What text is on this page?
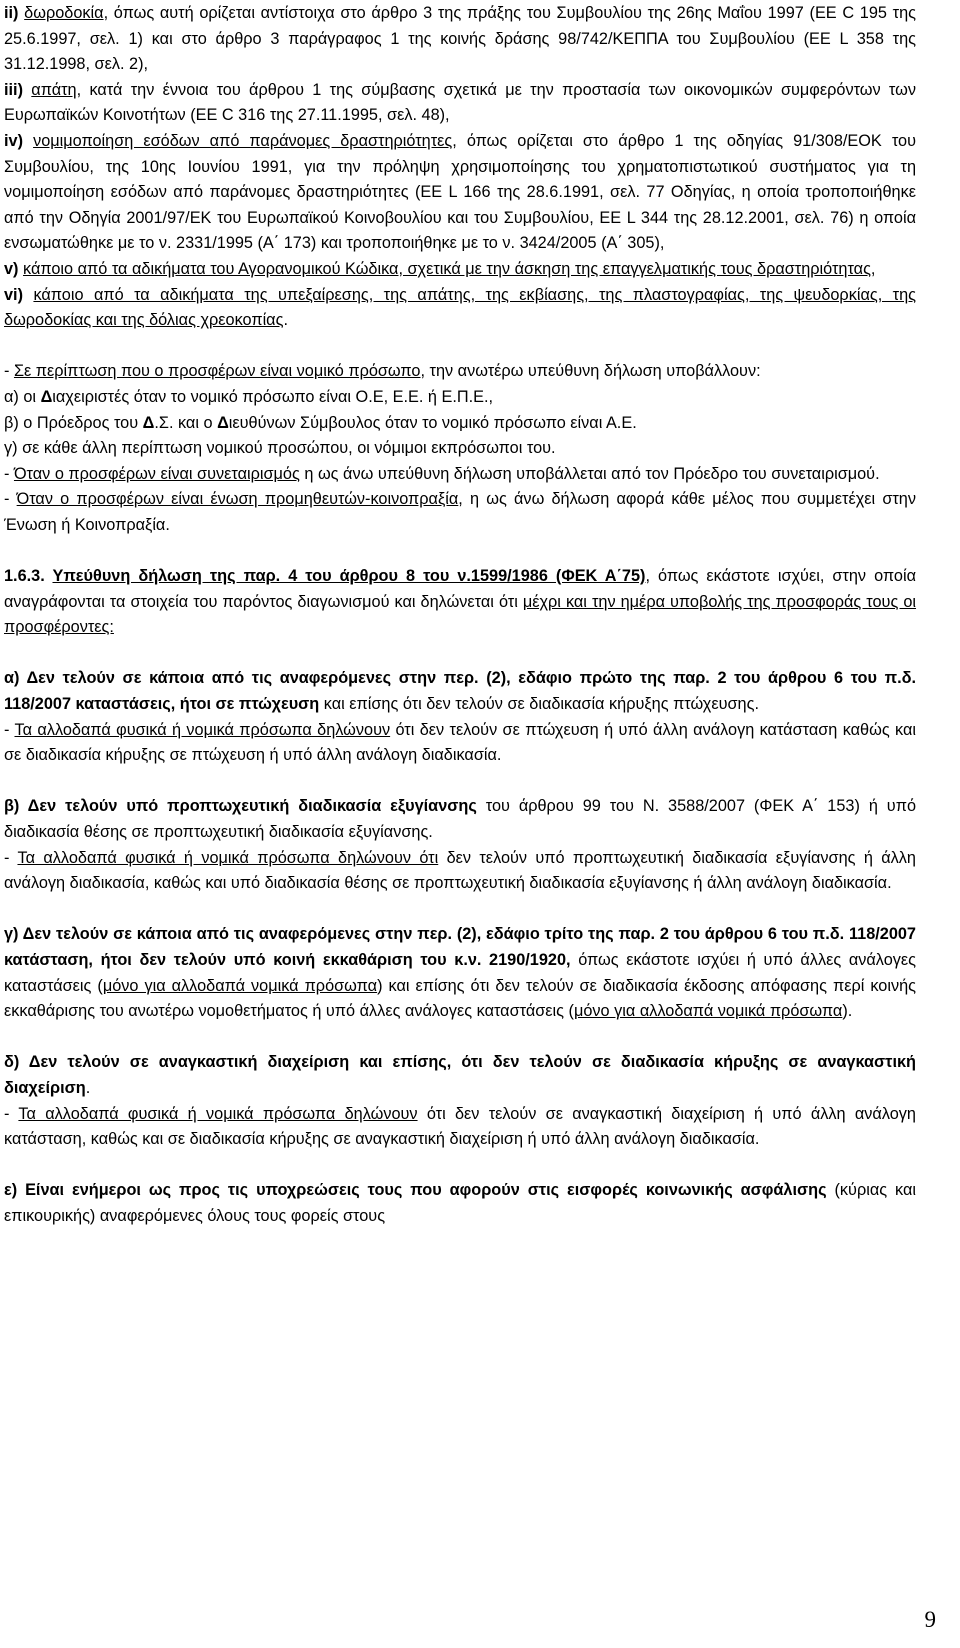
ii) δωροδοκία, όπως αυτή ορίζεται αντίστοιχα στο άρθρο 3 της πράξης του Συμβουλίου της 26ης Μαΐου 1997 (ΕΕ C 195 της 25.6.1997, σελ. 1) και στο άρθρο 3 παράγραφος 1 της κοινής δράσης 98/742/ΚΕΠΠΑ του Συμβουλίου (ΕΕ L 358 της 31.12.1998, σελ. 2),

iii) απάτη, κατά την έννοια του άρθρου 1 της σύμβασης σχετικά με την προστασία των οικονομικών συμφερόντων των Ευρωπαϊκών Κοινοτήτων (ΕΕ C 316 της 27.11.1995, σελ. 48),

iv) νομιμοποίηση εσόδων από παράνομες δραστηριότητες, όπως ορίζεται στο άρθρο 1 της οδηγίας 91/308/ΕΟΚ του Συμβουλίου, της 10ης Ιουνίου 1991, για την πρόληψη χρησιμοποίησης του χρηματοπιστωτικού συστήματος για τη νομιμοποίηση εσόδων από παράνομες δραστηριότητες (ΕΕ L 166 της 28.6.1991, σελ. 77 Οδηγίας, η οποία τροποποιήθηκε από την Οδηγία 2001/97/ΕΚ του Ευρωπαϊκού Κοινοβουλίου και του Συμβουλίου, ΕΕ L 344 της 28.12.2001, σελ. 76) η οποία ενσωματώθηκε με το ν. 2331/1995 (Α΄ 173) και τροποποιήθηκε με το ν. 3424/2005 (Α΄ 305),

v) κάποιο από τα αδικήματα του Αγορανομικού Κώδικα, σχετικά με την άσκηση της επαγγελματικής τους δραστηριότητας,

vi) κάποιο από τα αδικήματα της υπεξαίρεσης, της απάτης, της εκβίασης, της πλαστογραφίας, της ψευδορκίας, της δωροδοκίας και της δόλιας χρεοκοπίας.

- Σε περίπτωση που ο προσφέρων είναι νομικό πρόσωπο, την ανωτέρω υπεύθυνη δήλωση υποβάλλουν:

α) οι Διαχειριστές όταν το νομικό πρόσωπο είναι Ο.Ε, Ε.Ε. ή Ε.Π.Ε.,

β) ο Πρόεδρος του Δ.Σ. και ο Διευθύνων Σύμβουλος όταν το νομικό πρόσωπο είναι Α.Ε.

γ) σε κάθε άλλη περίπτωση νομικού προσώπου, οι νόμιμοι εκπρόσωποι του.

- Όταν ο προσφέρων είναι συνεταιρισμός η ως άνω υπεύθυνη δήλωση υποβάλλεται από τον Πρόεδρο του συνεταιρισμού.

- Όταν ο προσφέρων είναι ένωση προμηθευτών-κοινοπραξία, η ως άνω δήλωση αφορά κάθε μέλος που συμμετέχει στην Ένωση ή Κοινοπραξία.

1.6.3. Υπεύθυνη δήλωση της παρ. 4 του άρθρου 8 του ν.1599/1986 (ΦΕΚ Α΄75), όπως εκάστοτε ισχύει, στην οποία αναγράφονται τα στοιχεία του παρόντος διαγωνισμού και δηλώνεται ότι μέχρι και την ημέρα υποβολής της προσφοράς τους οι προσφέροντες:

α) Δεν τελούν σε κάποια από τις αναφερόμενες στην περ. (2), εδάφιο πρώτο της παρ. 2 του άρθρου 6 του π.δ. 118/2007 καταστάσεις, ήτοι σε πτώχευση και επίσης ότι δεν τελούν σε διαδικασία κήρυξης πτώχευσης.

- Τα αλλοδαπά φυσικά ή νομικά πρόσωπα δηλώνουν ότι δεν τελούν σε πτώχευση ή υπό άλλη ανάλογη κατάσταση καθώς και σε διαδικασία κήρυξης σε πτώχευση ή υπό άλλη ανάλογη διαδικασία.

β) Δεν τελούν υπό προπτωχευτική διαδικασία εξυγίανσης του άρθρου 99 του Ν. 3588/2007 (ΦΕΚ Α΄ 153) ή υπό διαδικασία θέσης σε προπτωχευτική διαδικασία εξυγίανσης.

- Τα αλλοδαπά φυσικά ή νομικά πρόσωπα δηλώνουν ότι δεν τελούν υπό προπτωχευτική διαδικασία εξυγίανσης ή άλλη ανάλογη διαδικασία, καθώς και υπό διαδικασία θέσης σε προπτωχευτική διαδικασία εξυγίανσης ή άλλη ανάλογη διαδικασία.

γ) Δεν τελούν σε κάποια από τις αναφερόμενες στην περ. (2), εδάφιο τρίτο της παρ. 2 του άρθρου 6 του π.δ. 118/2007 κατάσταση, ήτοι δεν τελούν υπό κοινή εκκαθάριση του κ.ν. 2190/1920, όπως εκάστοτε ισχύει ή υπό άλλες ανάλογες καταστάσεις (μόνο για αλλοδαπά νομικά πρόσωπα) και επίσης ότι δεν τελούν σε διαδικασία έκδοσης απόφασης περί κοινής εκκαθάρισης του ανωτέρω νομοθετήματος ή υπό άλλες ανάλογες καταστάσεις (μόνο για αλλοδαπά νομικά πρόσωπα).

δ) Δεν τελούν σε αναγκαστική διαχείριση και επίσης, ότι δεν τελούν σε διαδικασία κήρυξης σε αναγκαστική διαχείριση.

- Τα αλλοδαπά φυσικά ή νομικά πρόσωπα δηλώνουν ότι δεν τελούν σε αναγκαστική διαχείριση ή υπό άλλη ανάλογη κατάσταση, καθώς και σε διαδικασία κήρυξης σε αναγκαστική διαχείριση ή υπό άλλη ανάλογη διαδικασία.

ε) Είναι ενήμεροι ως προς τις υποχρεώσεις τους που αφορούν στις εισφορές κοινωνικής ασφάλισης (κύριας και επικουρικής) αναφερόμενες όλους τους φορείς στους

9
